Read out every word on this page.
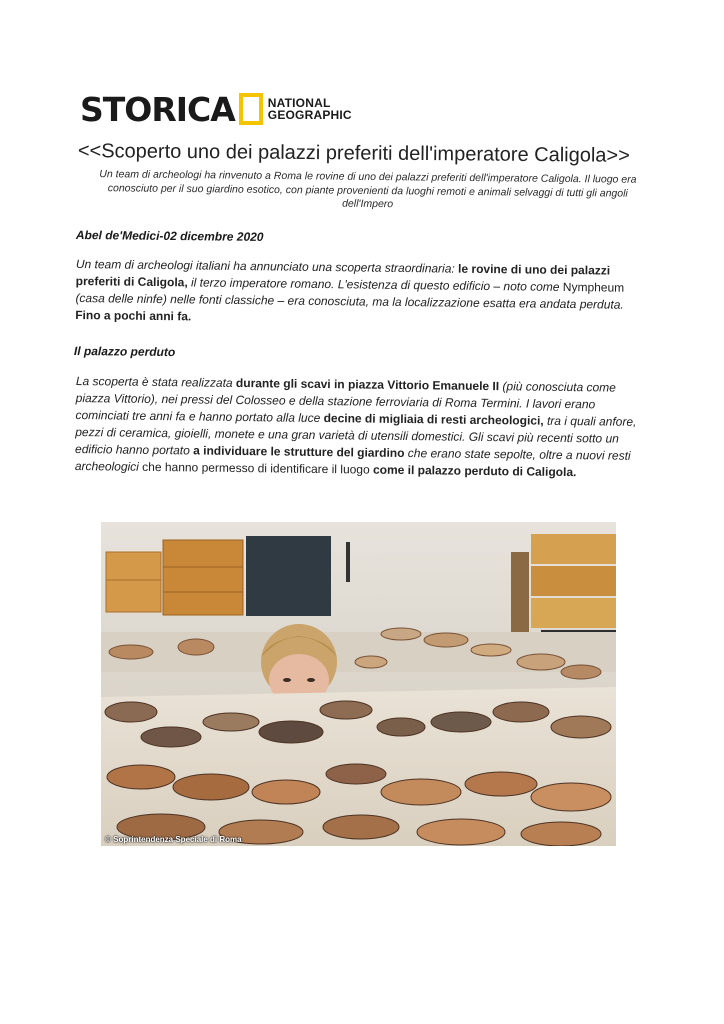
STORICA	NATIONAL
GEOGRAPHIC
<<Scoperto uno dei palazzi preferiti dell'imperatore Caligola>>
Un team di archeologi ha rinvenuto a Roma le rovine di uno dei palazzi preferiti dell'imperatore Caligola. Il luogo era conosciuto per il suo giardino esotico, con piante provenienti da luoghi remoti e animali selvaggi di tutti gli angoli dell'Impero
Abel de'Medici-02 dicembre 2020
Un team di archeologi italiani ha annunciato una scoperta straordinaria: le rovine di uno dei palazzi preferiti di Caligola, il terzo imperatore romano. L'esistenza di questo edificio – noto come Nympheum (casa delle ninfe) nelle fonti classiche – era conosciuta, ma la localizzazione esatta era andata perduta. Fino a pochi anni fa.
Il palazzo perduto
La scoperta è stata realizzata durante gli scavi in piazza Vittorio Emanuele II (più conosciuta come piazza Vittorio), nei pressi del Colosseo e della stazione ferroviaria di Roma Termini. I lavori erano cominciati tre anni fa e hanno portato alla luce decine di migliaia di resti archeologici, tra i quali anfore, pezzi di ceramica, gioielli, monete e una gran varietà di utensili domestici. Gli scavi più recenti sotto un edificio hanno portato a individuare le strutture del giardino che erano state sepolte, oltre a nuovi resti archeologici che hanno permesso di identificare il luogo come il palazzo perduto di Caligola.
© Soprintendenza Speciale di Roma
